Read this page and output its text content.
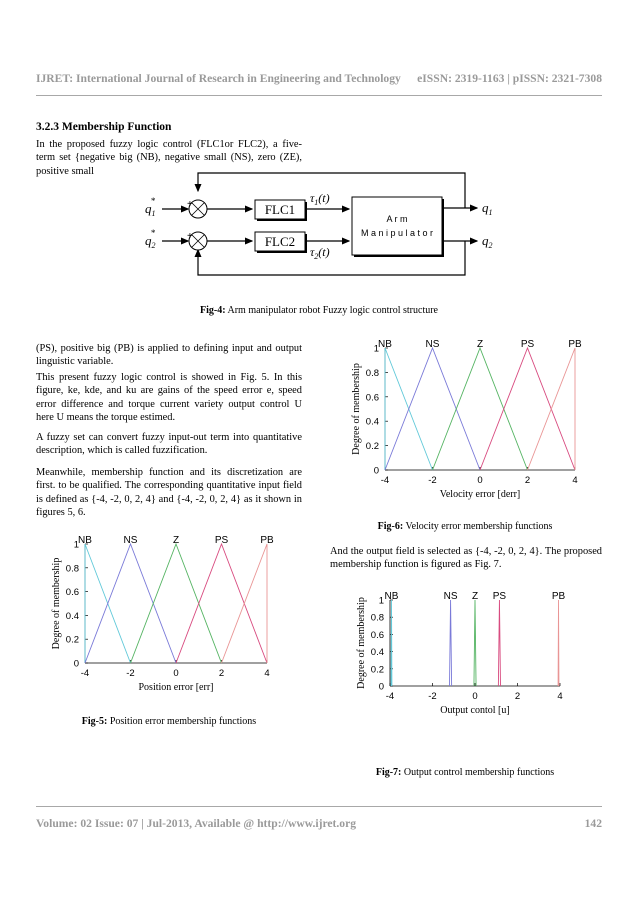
IJRET: International Journal of Research in Engineering and Technology eISSN: 2319-1163 | pISSN: 2321-7308
3.2.3 Membership Function
In the proposed fuzzy logic control (FLC1or FLC2), a five-term set {negative big (NB), negative small (NS), zero (ZE), positive small
$q_1*$
$q_2*$
+
+
FLC1
FLC2
$\tau_1(t)$
$\tau_2(t)$
A r m
M a n i p u l a t o r
$q_1$
$q_2$
Fig-4: Arm manipulator robot Fuzzy logic control structure
(PS), positive big (PB) is applied to defining input and output linguistic variable.
This present fuzzy logic control is showed in Fig. 5. In this figure, ke, kde, and ku are gains of the speed error e, speed error difference and torque current variety output control U here U means the torque estimed.
A fuzzy set can convert fuzzy input-out term into quantitative description, which is called fuzzification.
Meanwhile, membership function and its discretization are first. to be qualified. The corresponding quantitative input field is defined as {-4, -2, 0, 2, 4} and {-4, -2, 0, 2, 4} as it shown in figures 5, 6.
-4	-2	0	2	4
0
0.2
0.4
0.6
0.8
1
Velocity error [derr]
Degree of membership
NB	NS	Z	PS	PB
Fig-6: Velocity error membership functions
And the output field is selected as {-4, -2, 0, 2, 4}. The proposed membership function is figured as Fig. 7.
-4	-2	0	2	4
0
0.2
0.4
0.6
0.8
1
Position error [err]
Degree of membership
NB	NS	Z	PS	PB
Fig-5: Position error membership functions
-4	-2	0	2	4
0
0.2
0.4
0.6
0.8
1
Output contol [u]
Degree of membership
NB	NS Z PS	PB
Fig-7: Output control membership functions
Volume: 02 Issue: 07 | Jul-2013, Available @ http://www.ijret.org	142
